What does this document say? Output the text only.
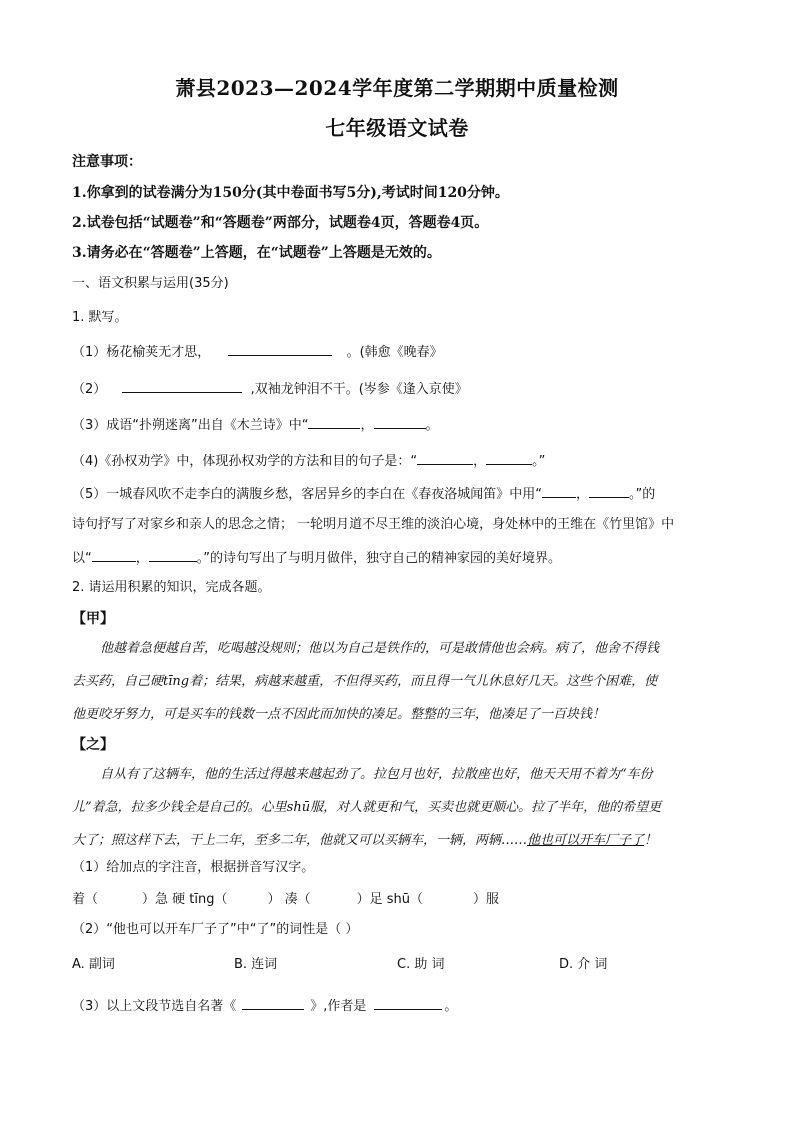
萧县2023—2024学年度第二学期期中质量检测
七年级语文试卷
注意事项：
1.你拿到的试卷满分为150分(其中卷面书写5分),考试时间120分钟。
2.试卷包括“试题卷”和“答题卷”两部分，试题卷4页，答题卷4页。
3.请务必在“答题卷”上答题，在“试题卷”上答题是无效的。
一、语文积累与运用(35分)
1. 默写。
（1）杨花榆荚无才思，	。(韩愈《晚春》
（2）	,双袖龙钟泪不干。(岑参《逢入京使》
（3）成语“扑朔迷离”出自《木兰诗》中“	，	。
（4)《孙权劝学》中，体现孙权劝学的方法和目的句子是：“	，	。”
（5）一城春风吹不走李白的满腹乡愁，客居异乡的李白在《春夜洛城闻笛》中用“	，	。”的
诗句抒写了对家乡和亲人的思念之情； 一轮明月道不尽王维的淡泊心境，身处林中的王维在《竹里馆》中
以“	，	。”的诗句写出了与明月做伴，独守自己的精神家园的美好境界。
2. 请运用积累的知识，完成各题。
【甲】
他越着急便越自苦，吃喝越没规则；他以为自己是铁作的，可是敢情他也会病。病了，他舍不得钱
去买药，自己硬tīng着；结果，病越来越重，不但得买药，而且得一气儿休息好几天。这些个困难，使
他更咬牙努力，可是买车的钱数一点不因此而加快的凑足。整整的三年，他凑足了一百块钱！
【之】
自从有了这辆车，他的生活过得越来越起劲了。拉包月也好，拉散座也好，他天天用不着为“车份
儿”着急，拉多少钱全是自己的。心里shū服，对人就更和气，买卖也就更顺心。拉了半年，他的希望更
大了；照这样下去，干上二年，至多二年，他就又可以买辆车，一辆，两辆……他也可以开车厂子了！
（1）给加点的字注音，根据拼音写汉字。
着（	）急 硬 tīng（	） 凑（	）足 shū（	）服
（2）“他也可以开车厂子了”中“了”的词性是（ ）
A. 副词	B. 连词	C. 助 词	D. 介 词
（3）以上文段节选自名著《	》,作者是	。
